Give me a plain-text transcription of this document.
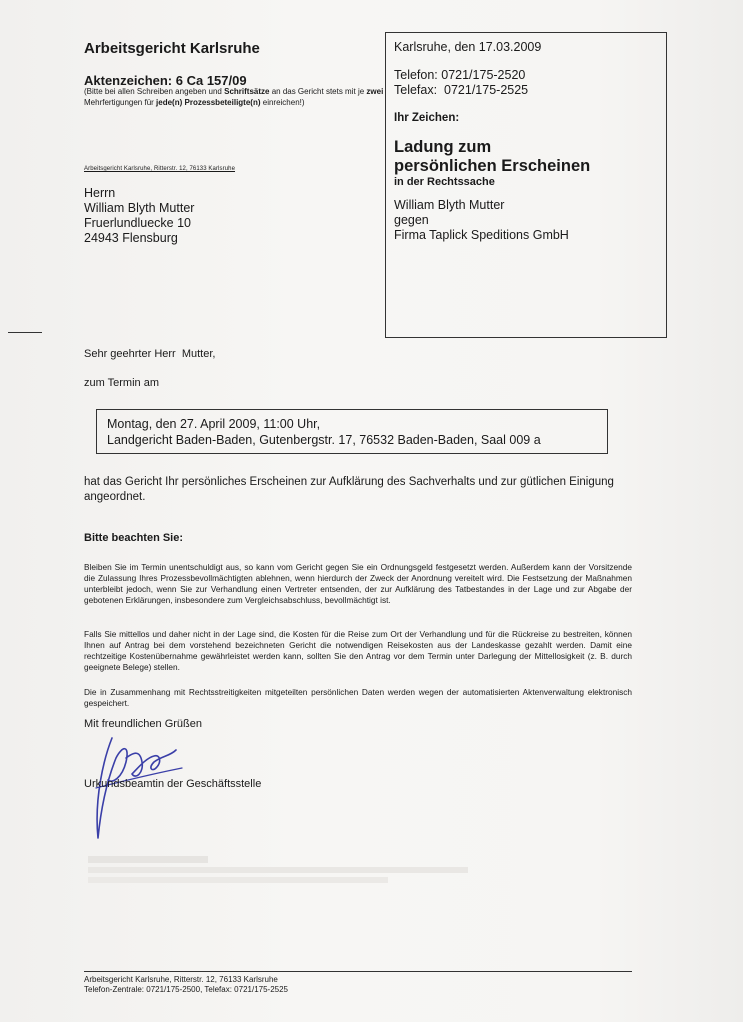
Arbeitsgericht Karlsruhe
Aktenzeichen: 6 Ca 157/09
(Bitte bei allen Schreiben angeben und Schriftsätze an das Gericht stets mit je zwei Mehrfertigungen für jede(n) Prozessbeteiligte(n) einreichen!)
Arbeitsgericht Karlsruhe, Ritterstr. 12, 76133 Karlsruhe
Herrn
William Blyth Mutter
Fruerlundluecke 10
24943 Flensburg
Karlsruhe, den 17.03.2009
Telefon: 0721/175-2520
Telefax:  0721/175-2525
Ihr Zeichen:
Ladung zum
persönlichen Erscheinen
in der Rechtssache
William Blyth Mutter
gegen
Firma Taplick Speditions GmbH
Sehr geehrter Herr  Mutter,
zum Termin am
Montag, den 27. April 2009, 11:00 Uhr,
Landgericht Baden-Baden, Gutenbergstr. 17, 76532 Baden-Baden, Saal 009 a
hat das Gericht Ihr persönliches Erscheinen zur Aufklärung des Sachverhalts und zur gütlichen Einigung angeordnet.
Bitte beachten Sie:
Bleiben Sie im Termin unentschuldigt aus, so kann vom Gericht gegen Sie ein Ordnungsgeld festgesetzt werden. Außerdem kann der Vorsitzende die Zulassung Ihres Prozessbevollmächtigten ablehnen, wenn hierdurch der Zweck der Anordnung vereitelt wird. Die Festsetzung der Maßnahmen unterbleibt jedoch, wenn Sie zur Verhandlung einen Vertreter entsenden, der zur Aufklärung des Tatbestandes in der Lage und zur Abgabe der gebotenen Erklärungen, insbesondere zum Vergleichsabschluss, bevollmächtigt ist.
Falls Sie mittellos und daher nicht in der Lage sind, die Kosten für die Reise zum Ort der Verhandlung und für die Rückreise zu bestreiten, können Ihnen auf Antrag bei dem vorstehend bezeichneten Gericht die notwendigen Reisekosten aus der Landeskasse gezahlt werden. Damit eine rechtzeitige Kostenübernahme gewährleistet werden kann, sollten Sie den Antrag vor dem Termin unter Darlegung der Mittellosigkeit (z. B. durch geeignete Belege) stellen.
Die in Zusammenhang mit Rechtsstreitigkeiten mitgeteilten persönlichen Daten werden wegen der automatisierten Aktenverwaltung elektronisch gespeichert.
Mit freundlichen Grüßen
Urkundsbeamtin der Geschäftsstelle
Arbeitsgericht Karlsruhe, Ritterstr. 12, 76133 Karlsruhe
Telefon-Zentrale: 0721/175-2500, Telefax: 0721/175-2525
